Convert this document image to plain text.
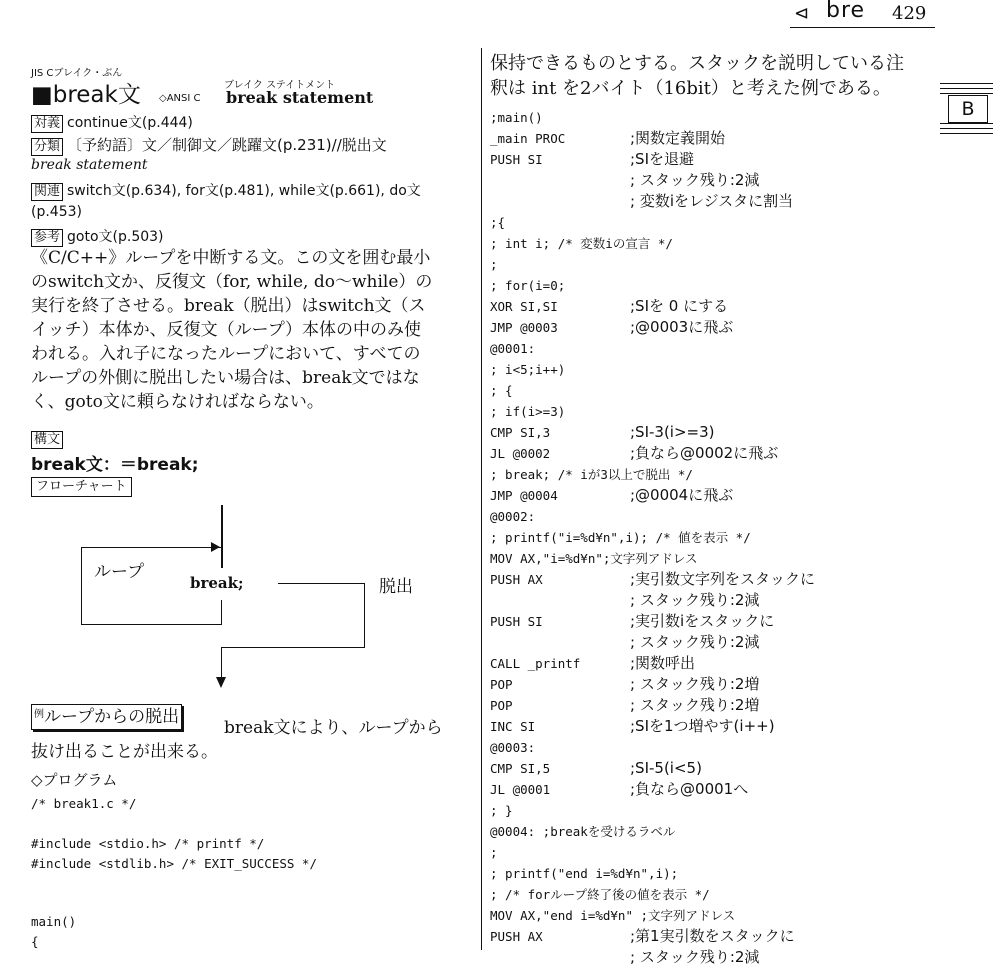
⊲ bre 429
B
JIS Cブレイク・ぶん
ブレイク ステイトメント
■break文 ◇ANSI C break statement
対義 continue文(p.444)
分類 〔予約語〕文／制御文／跳躍文(p.231)//脱出文
break statement
関連 switch文(p.634), for文(p.481), while文(p.661), do文
(p.453)
参考 goto文(p.503)
《C/C++》ループを中断する文。この文を囲む最小
のswitch文か、反復文（for, while, do〜while）の
実行を終了させる。break（脱出）はswitch文（ス
イッチ）本体か、反復文（ループ）本体の中のみ使
われる。入れ子になったループにおいて、すべての
ループの外側に脱出したい場合は、break文ではな
く、goto文に頼らなければならない。
構文
break文：＝break;
フローチャート
ループ
break;	脱出
$^例$ループからの脱出
break文により、ループから
抜け出ることが出来る。
◇プログラム
/* break1.c */
#include <stdio.h> /* printf */
#include <stdlib.h> /* EXIT_SUCCESS */
main()
{
保持できるものとする。スタックを説明している注
釈は int を2バイト（16bit）と考えた例である。
;main()
_main PROC	;関数定義開始
PUSH SI	;SIを退避
; スタック残り:2減
; 変数iをレジスタに割当
;{
; int i; /* 変数iの宣言 */
;
; for(i=0;
XOR SI,SI	;SIを 0 にする
JMP @0003	;@0003に飛ぶ
@0001:
; i<5;i++)
; {
; if(i>=3)
CMP SI,3	;SI-3(i>=3)
JL @0002	;負なら@0002に飛ぶ
; break; /* iが3以上で脱出 */
JMP @0004	;@0004に飛ぶ
@0002:
; printf("i=%d¥n",i); /* 値を表示 */
MOV AX,"i=%d¥n";文字列アドレス
PUSH AX	;実引数文字列をスタックに
; スタック残り:2減
PUSH SI	;実引数iをスタックに
; スタック残り:2減
CALL _printf	;関数呼出
POP	; スタック残り:2増
POP	; スタック残り:2増
INC SI	;SIを1つ増やす(i++)
@0003:
CMP SI,5	;SI-5(i<5)
JL @0001	;負なら@0001へ
; }
@0004: ;breakを受けるラベル
;
; printf("end i=%d¥n",i);
; /* forループ終了後の値を表示 */
MOV AX,"end i=%d¥n" ;文字列アドレス
PUSH AX	;第1実引数をスタックに
; スタック残り:2減
